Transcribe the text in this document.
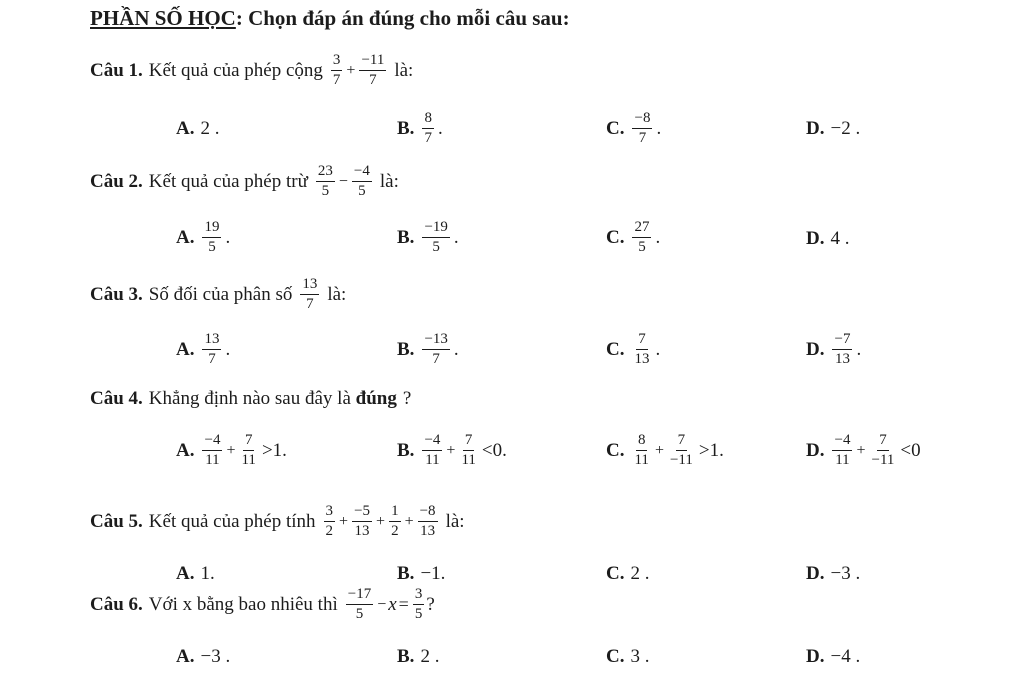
PHẦN SỐ HỌC: Chọn đáp án đúng cho mỗi câu sau:
Câu 1. Kết quả của phép cộng $\frac{3}{7} + \frac{-11}{7}$ là:
A. 2 .	B. $\frac{8}{7}$ .	C. $\frac{-8}{7}$ .	D. −2 .
Câu 2. Kết quả của phép trừ $\frac{23}{5} - \frac{-4}{5}$ là:
A. $\frac{19}{5}$ .	B. $\frac{-19}{5}$ .	C. $\frac{27}{5}$ .	D. 4 .
Câu 3. Số đối của phân số $\frac{13}{7}$ là:
A. $\frac{13}{7}$ .	B. $\frac{-13}{7}$ .	C. $\frac{7}{13}$ .	D. $\frac{-7}{13}$ .
Câu 4. Khẳng định nào sau đây là đúng ?
A. $\frac{-4}{11} + \frac{7}{11} >1$.	B. $\frac{-4}{11} + \frac{7}{11} <0$.	C. $\frac{8}{11} + \frac{7}{-11} >1$.	D. $\frac{-4}{11} + \frac{7}{-11} <0$
Câu 5. Kết quả của phép tính $\frac{3}{2} + \frac{-5}{13} + \frac{1}{2} + \frac{-8}{13}$ là:
A. 1.	B. −1.	C. 2 .	D. −3 .
Câu 6. Với x bằng bao nhiêu thì $\frac{-17}{5} - x = \frac{3}{5}$ ?
A. −3 .	B. 2 .	C. 3 .	D. −4 .
